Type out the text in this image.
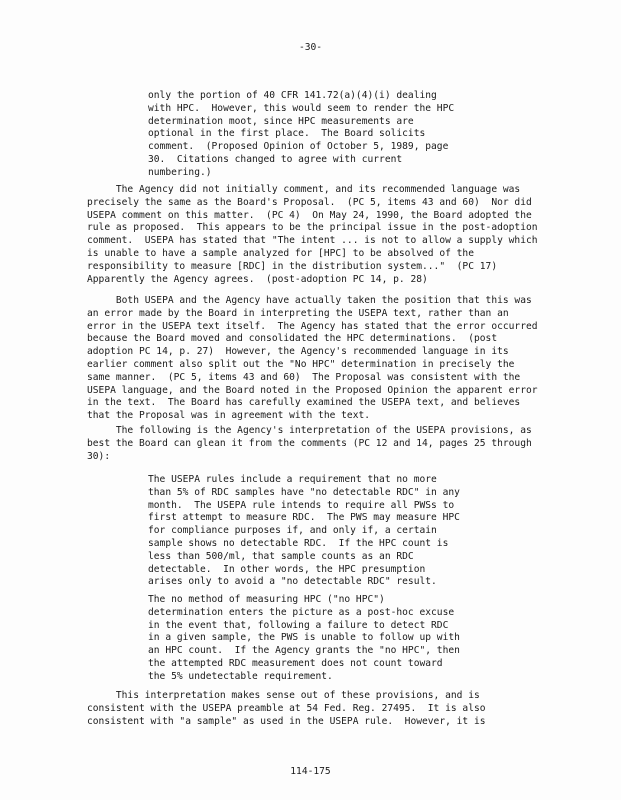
-30-
only the portion of 40 CFR 141.72(a)(4)(i) dealing
with HPC.  However, this would seem to render the HPC
determination moot, since HPC measurements are
optional in the first place.  The Board solicits
comment.  (Proposed Opinion of October 5, 1989, page
30.  Citations changed to agree with current
numbering.)
The Agency did not initially comment, and its recommended language was
precisely the same as the Board's Proposal.  (PC 5, items 43 and 60)  Nor did
USEPA comment on this matter.  (PC 4)  On May 24, 1990, the Board adopted the
rule as proposed.  This appears to be the principal issue in the post-adoption
comment.  USEPA has stated that "The intent ... is not to allow a supply which
is unable to have a sample analyzed for [HPC] to be absolved of the
responsibility to measure [RDC] in the distribution system..."  (PC 17)
Apparently the Agency agrees.  (post-adoption PC 14, p. 28)
Both USEPA and the Agency have actually taken the position that this was
an error made by the Board in interpreting the USEPA text, rather than an
error in the USEPA text itself.  The Agency has stated that the error occurred
because the Board moved and consolidated the HPC determinations.  (post
adoption PC 14, p. 27)  However, the Agency's recommended language in its
earlier comment also split out the "No HPC" determination in precisely the
same manner.  (PC 5, items 43 and 60)  The Proposal was consistent with the
USEPA language, and the Board noted in the Proposed Opinion the apparent error
in the text.  The Board has carefully examined the USEPA text, and believes
that the Proposal was in agreement with the text.
The following is the Agency's interpretation of the USEPA provisions, as
best the Board can glean it from the comments (PC 12 and 14, pages 25 through
30):
The USEPA rules include a requirement that no more
than 5% of RDC samples have "no detectable RDC" in any
month.  The USEPA rule intends to require all PWSs to
first attempt to measure RDC.  The PWS may measure HPC
for compliance purposes if, and only if, a certain
sample shows no detectable RDC.  If the HPC count is
less than 500/ml, that sample counts as an RDC
detectable.  In other words, the HPC presumption
arises only to avoid a "no detectable RDC" result.
The no method of measuring HPC ("no HPC")
determination enters the picture as a post-hoc excuse
in the event that, following a failure to detect RDC
in a given sample, the PWS is unable to follow up with
an HPC count.  If the Agency grants the "no HPC", then
the attempted RDC measurement does not count toward
the 5% undetectable requirement.
This interpretation makes sense out of these provisions, and is
consistent with the USEPA preamble at 54 Fed. Reg. 27495.  It is also
consistent with "a sample" as used in the USEPA rule.  However, it is
114-175
